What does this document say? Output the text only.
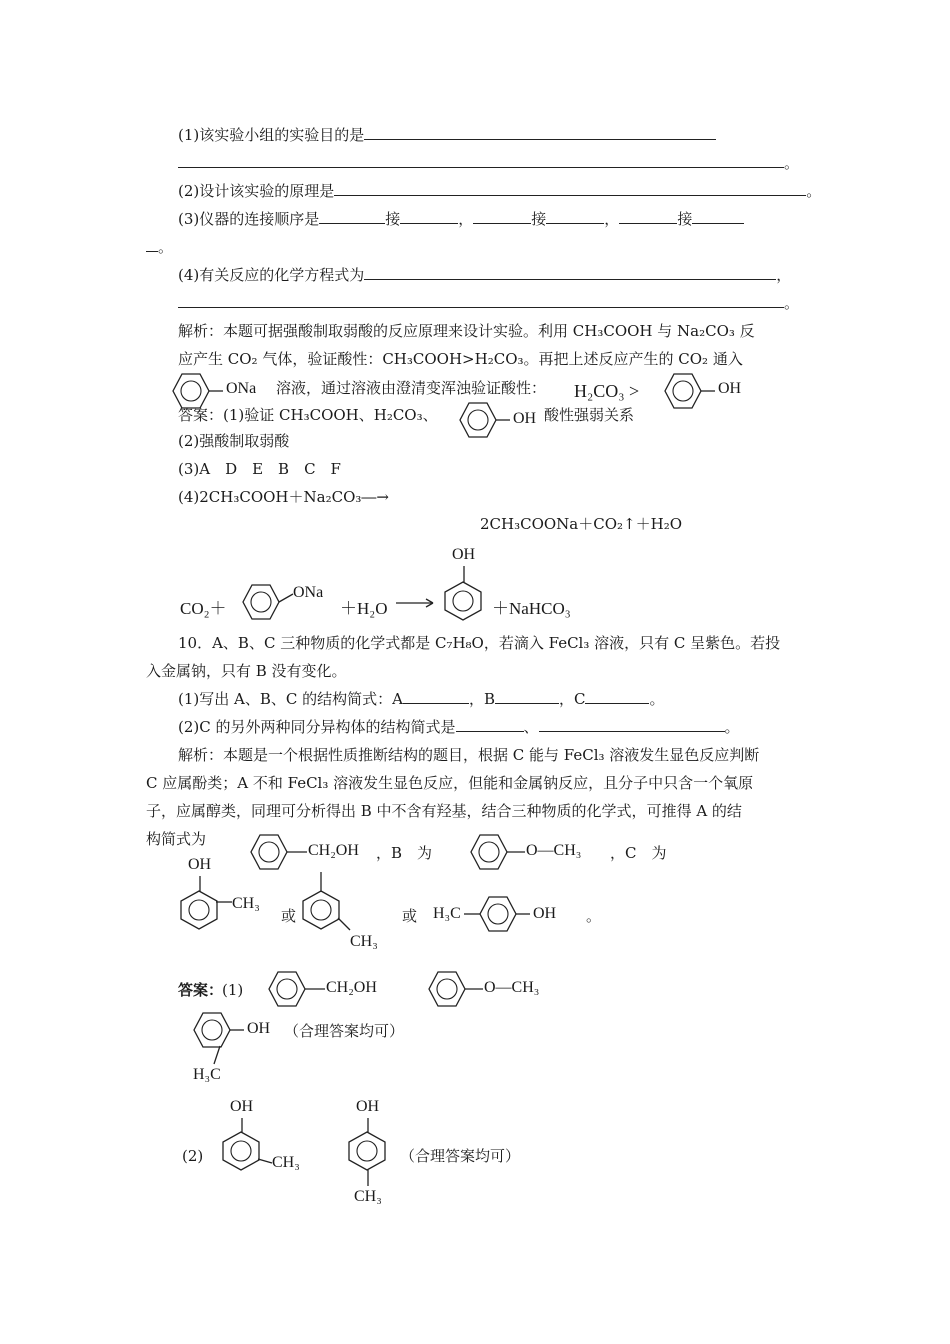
(1)该实验小组的实验目的是
。
(2)设计该实验的原理是	。
(3)仪器的连接顺序是	接	，	接	，	接
。
(4)有关反应的化学方程式为	，
。
解析：本题可据强酸制取弱酸的反应原理来设计实验。利用 CH₃COOH 与 Na₂CO₃ 反
应产生 CO₂ 气体，验证酸性：CH₃COOH>H₂CO₃。再把上述反应产生的 CO₂ 通入
ONa 溶液，通过溶液由澄清变浑浊验证酸性： H₂CO₃ >	OH
答案：(1)验证 CH₃COOH、H₂CO₃、	OH 酸性强弱关系
(2)强酸制取弱酸
(3)A　D　E　B　C　F
(4)2CH₃COOH＋Na₂CO₃―→
2CH₃COONa＋CO₂↑＋H₂O
CO₂＋
ONa
＋H₂O →
OH
＋NaHCO₃
10．A、B、C 三种物质的化学式都是 C₇H₈O，若滴入 FeCl₃ 溶液，只有 C 呈紫色。若投
入金属钠，只有 B 没有变化。
(1)写出 A、B、C 的结构简式：A	，B	，C	。
(2)C 的另外两种同分异构体的结构简式是	、	。
解析：本题是一个根据性质推断结构的题目，根据 C 能与 FeCl₃ 溶液发生显色反应判断
C 应属酚类；A 不和 FeCl₃ 溶液发生显色反应，但能和金属钠反应，且分子中只含一个氧原
子，应属醇类，同理可分析得出 B 中不含有羟基，结合三种物质的化学式，可推得 A 的结
构简式为
CH₂OH ，B　为	O—CH₃ ，C　为
OH
CH₃
或
CH₃
或 H₃C	OH 。
答案：
(1)	CH₂OH	O—CH₃
OH （合理答案均可）
H₃C
(2)
OH
CH₃
OH
CH₃
（合理答案均可）
